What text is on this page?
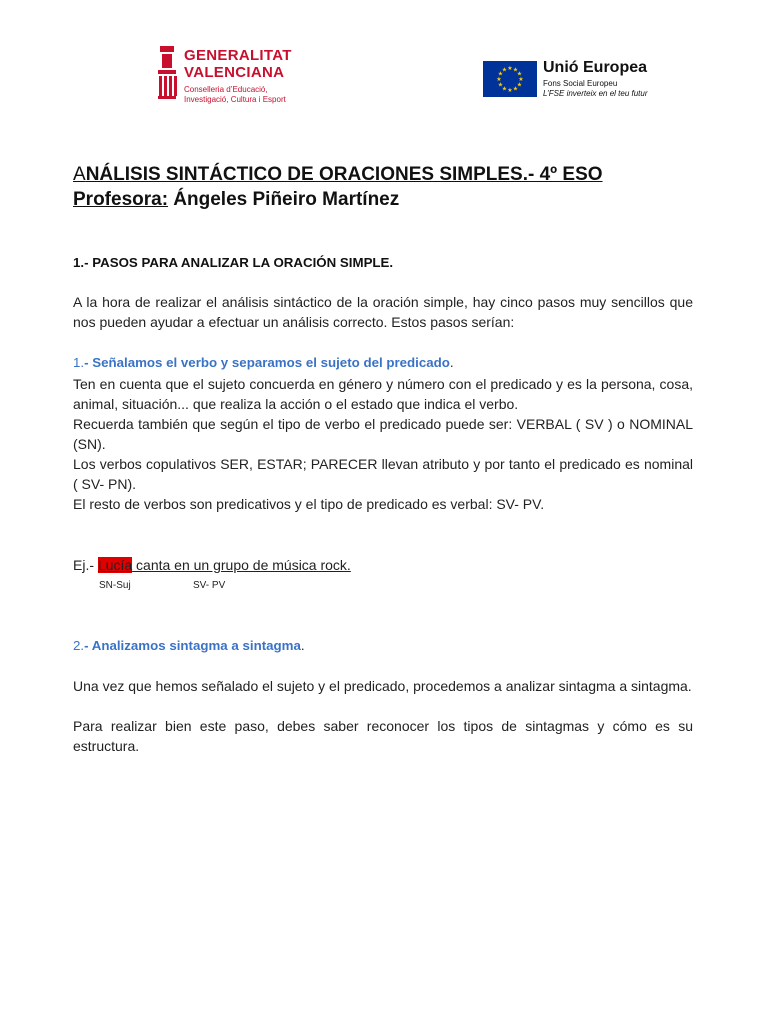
GENERALITAT
VALENCIANA
Conselleria d’Educació,
Investigació, Cultura i Esport
★ ★
★
★
★
★
★
★
★
★
★
★ Unió Europea
Fons Social Europeu
L’FSE inverteix en el teu futur
ANÁLISIS SINTÁCTICO DE ORACIONES SIMPLES.- 4º ESO
Profesora: Ángeles Piñeiro Martínez
1.- PASOS PARA ANALIZAR LA ORACIÓN SIMPLE.
A la hora de realizar el análisis sintáctico de la oración simple, hay cinco pasos muy sencillos que nos pueden ayudar a efectuar un análisis correcto. Estos pasos serían:
1.- Señalamos el verbo y separamos el sujeto del predicado.
Ten en cuenta que el sujeto concuerda en género y número con el predicado y es la persona, cosa, animal, situación... que realiza la acción o el estado que indica el verbo.
Recuerda también que según el tipo de verbo el predicado puede ser: VERBAL ( SV ) o NOMINAL (SN).
Los verbos copulativos SER, ESTAR; PARECER llevan atributo y por tanto el predicado es nominal ( SV- PN).
El resto de verbos son predicativos y el tipo de predicado es verbal: SV- PV.
Ej.- Lucía canta en un grupo de música rock.
SN-Suj	SV- PV
2.- Analizamos sintagma a sintagma.
Una vez que hemos señalado el sujeto y el predicado, procedemos a analizar sintagma a sintagma.
Para realizar bien este paso, debes saber reconocer los tipos de sintagmas y cómo es su estructura.
